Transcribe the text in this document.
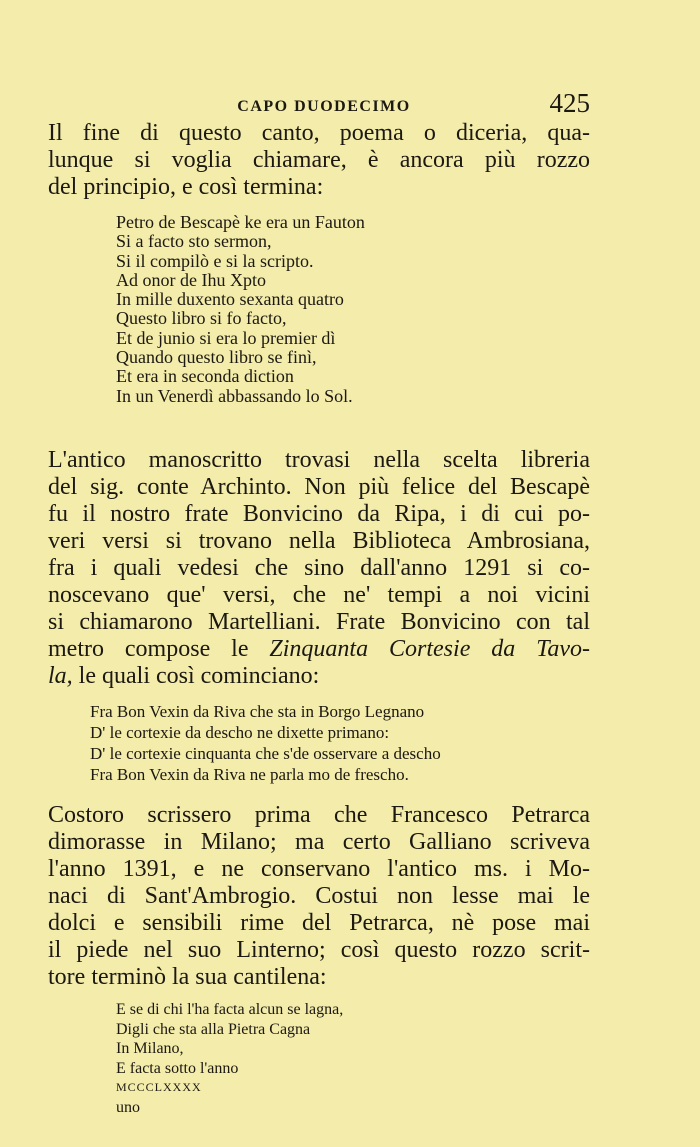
CAPO DUODECIMO	425
Il fine di questo canto, poema o diceria, qua-
lunque si voglia chiamare, è ancora più rozzo
del principio, e così termina:
Petro de Bescapè ke era un Fauton
Si a facto sto sermon,
Si il compilò e si la scripto.
Ad onor de Ihu Xpto
In mille duxento sexanta quatro
Questo libro si fo facto,
Et de junio si era lo premier dì
Quando questo libro se finì,
Et era in seconda diction
In un Venerdì abbassando lo Sol.
L'antico manoscritto trovasi nella scelta libreria
del sig. conte Archinto. Non più felice del Bescapè
fu il nostro frate Bonvicino da Ripa, i di cui po-
veri versi si trovano nella Biblioteca Ambrosiana,
fra i quali vedesi che sino dall'anno 1291 si co-
noscevano que' versi, che ne' tempi a noi vicini
si chiamarono Martelliani. Frate Bonvicino con tal
metro compose le Zinquanta Cortesie da Tavo-
la, le quali così cominciano:
Fra Bon Vexin da Riva che sta in Borgo Legnano
D' le cortexie da descho ne dixette primano:
D' le cortexie cinquanta che s'de osservare a descho
Fra Bon Vexin da Riva ne parla mo de frescho.
Costoro scrissero prima che Francesco Petrarca
dimorasse in Milano; ma certo Galliano scriveva
l'anno 1391, e ne conservano l'antico ms. i Mo-
naci di Sant'Ambrogio. Costui non lesse mai le
dolci e sensibili rime del Petrarca, nè pose mai
il piede nel suo Linterno; così questo rozzo scrit-
tore terminò la sua cantilena:
E se di chi l'ha facta alcun se lagna,
Digli che sta alla Pietra Cagna
In Milano,
E facta sotto l'anno
MCCCLXXXX
uno
